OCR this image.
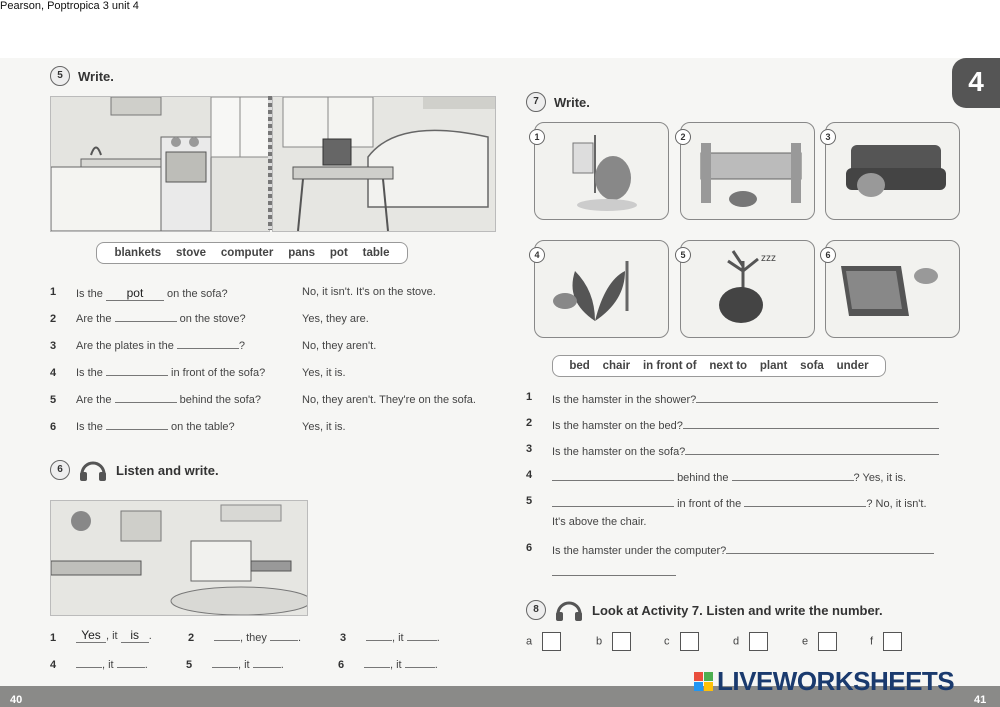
Pearson, Poptropica 3 unit 4
4
5	Write.
blankets stove computer pans pot table
1 Is the pot on the sofa?	No, it isn't. It's on the stove.
2 Are the	on the stove?	Yes, they are.
3 Are the plates in the	?	No, they aren't.
4 Is the	in front of the sofa?	Yes, it is.
5 Are the	behind the sofa?	No, they aren't. They're on the sofa.
6 Is the	on the table?	Yes, it is.
6	Listen and write.
1	Yes , it is .	2	, they	.	3	, it	.
4	, it	.	5	, it	.	6	, it	.
7	Write.
1	2	3
4	5	zzz	6
bed chair in front of next to plant sofa under
1 Is the hamster in the shower?
2 Is the hamster on the bed?
3 Is the hamster on the sofa?
4	behind the	? Yes, it is.
5	in front of the	? No, it isn't.
It's above the chair.
6 Is the hamster under the computer?
8	Look at Activity 7. Listen and write the number.
a	b	c	d	e	f
40	41
LIVEWORKSHEETS
